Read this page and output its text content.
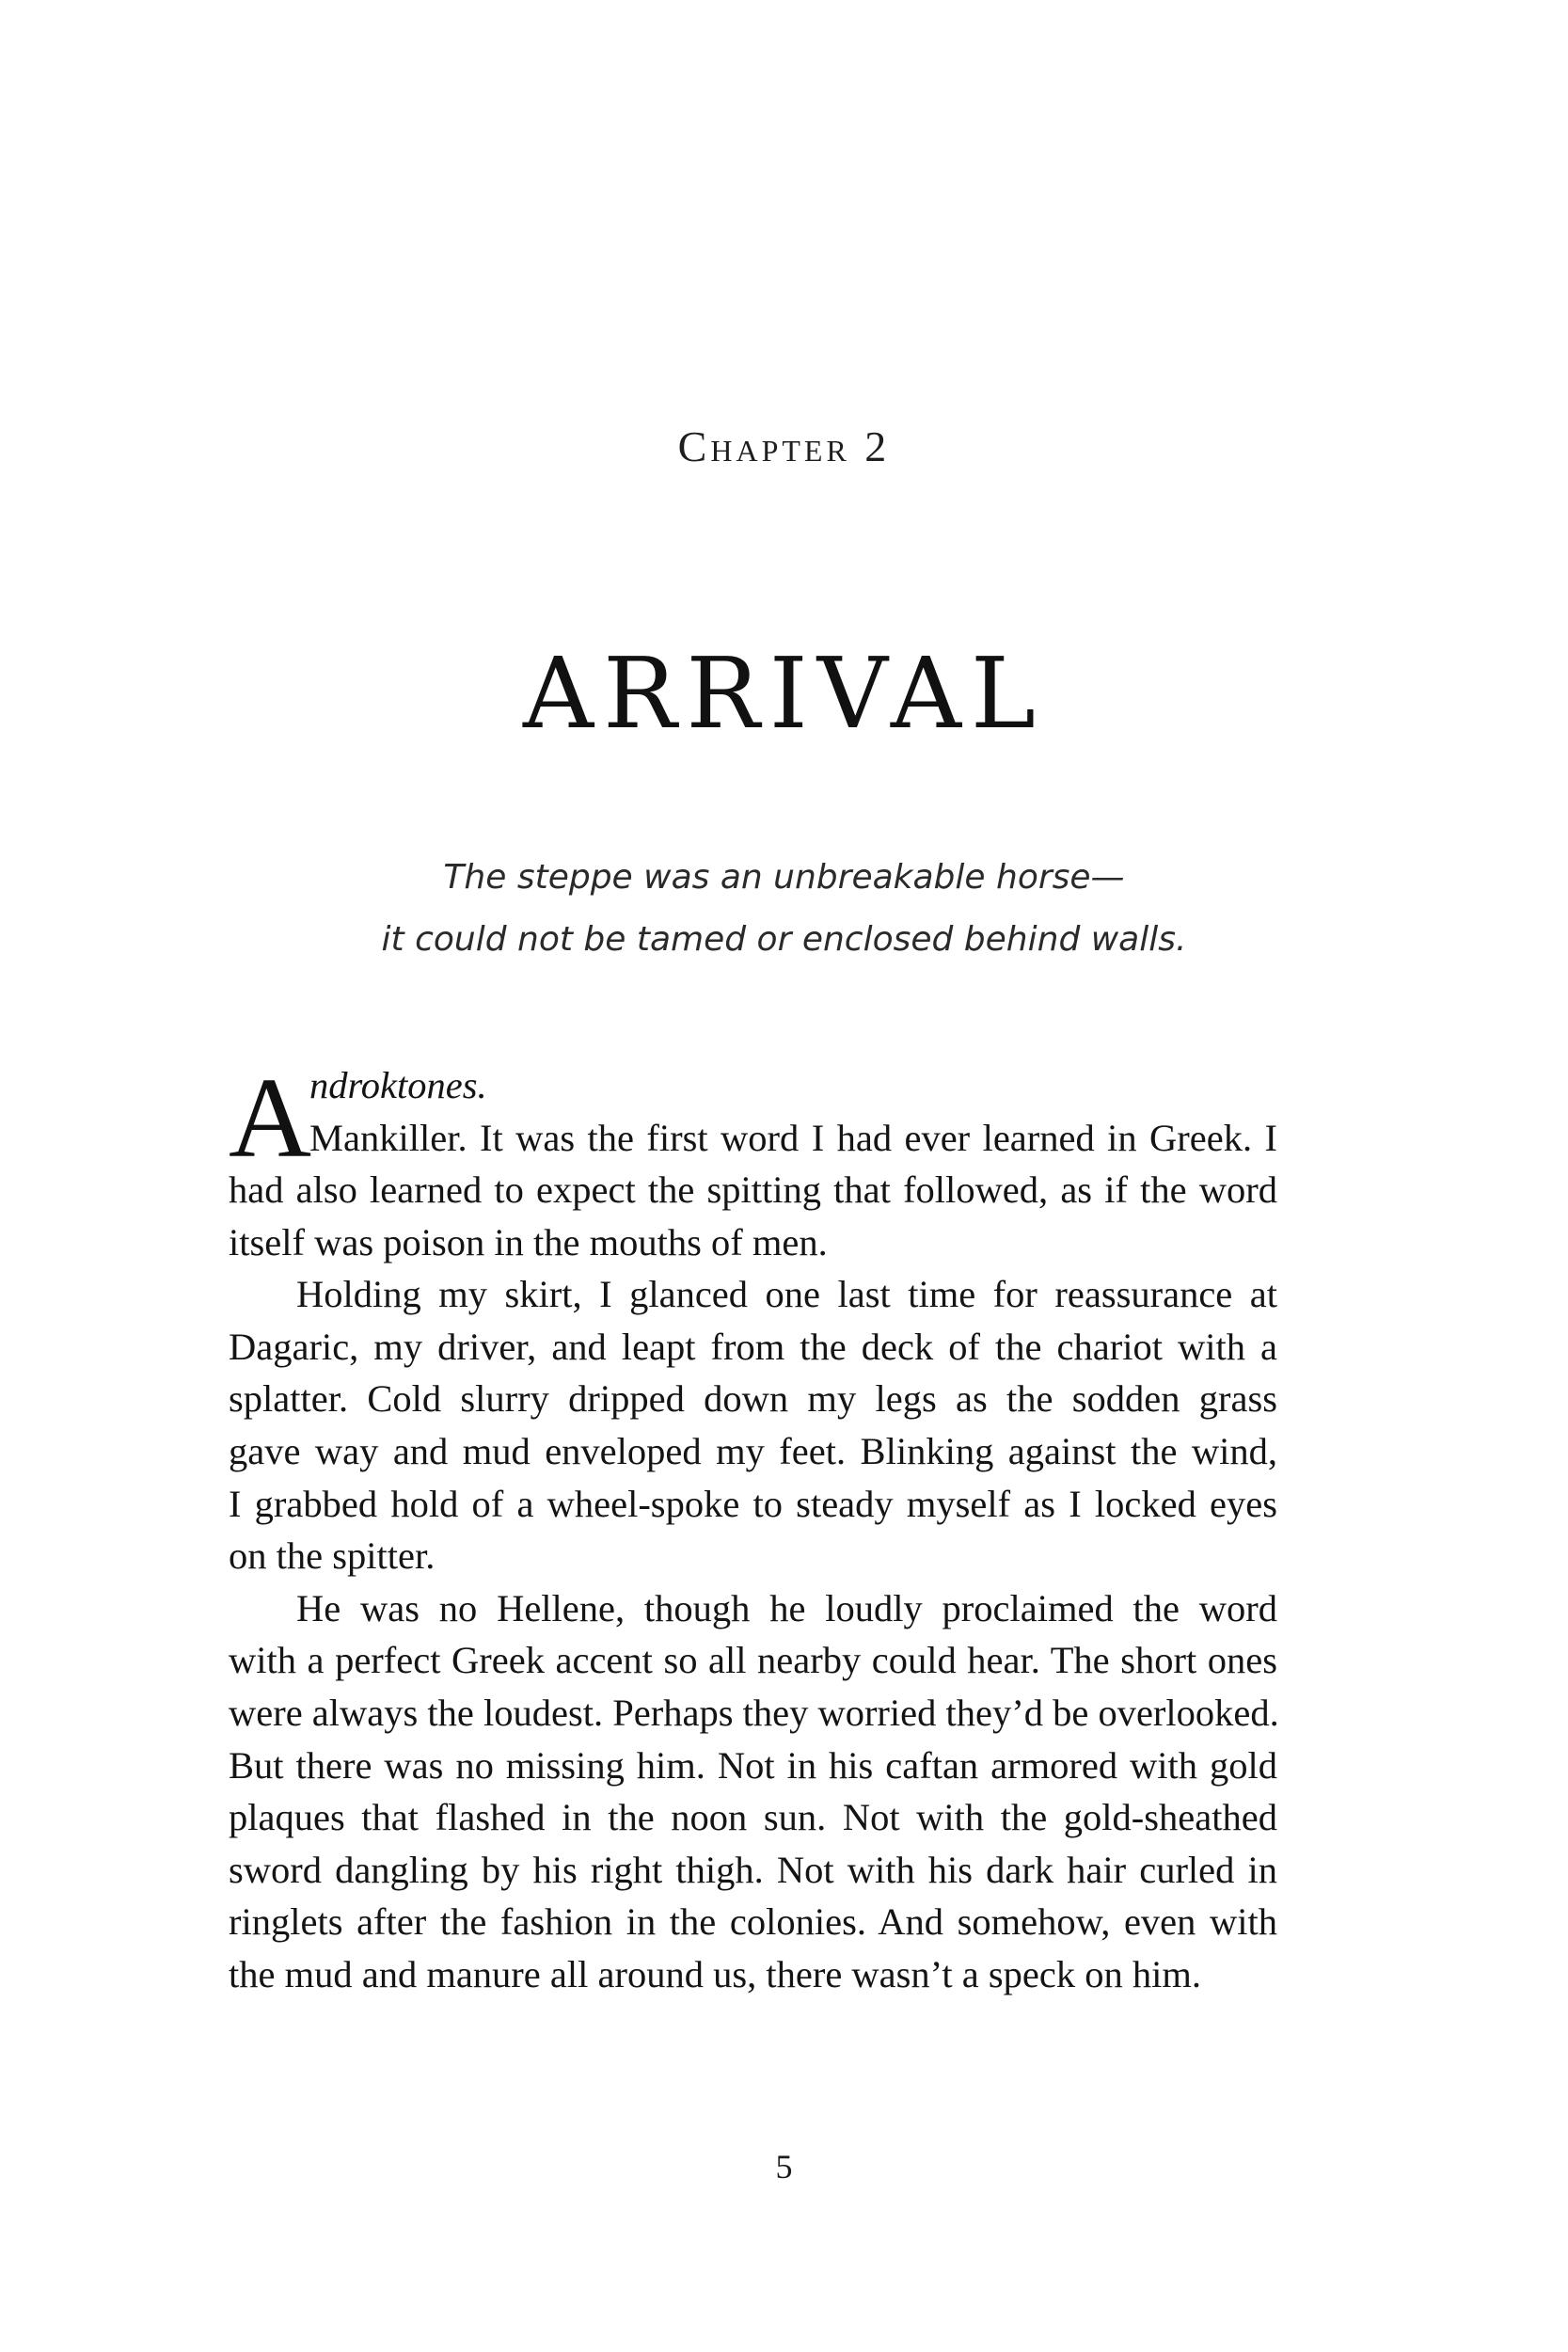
Chapter 2
ARRIVAL
The steppe was an unbreakable horse—
it could not be tamed or enclosed behind walls.
A
ndroktones.
Mankiller. It was the first word I had ever learned in Greek. I
had also learned to expect the spitting that followed, as if the word
itself was poison in the mouths of men.
Holding my skirt, I glanced one last time for reassurance at
Dagaric, my driver, and leapt from the deck of the chariot with a
splatter. Cold slurry dripped down my legs as the sodden grass
gave way and mud enveloped my feet. Blinking against the wind,
I grabbed hold of a wheel-spoke to steady myself as I locked eyes
on the spitter.
He was no Hellene, though he loudly proclaimed the word
with a perfect Greek accent so all nearby could hear. The short ones
were always the loudest. Perhaps they worried they’d be overlooked.
But there was no missing him. Not in his caftan armored with gold
plaques that flashed in the noon sun. Not with the gold-sheathed
sword dangling by his right thigh. Not with his dark hair curled in
ringlets after the fashion in the colonies. And somehow, even with
the mud and manure all around us, there wasn’t a speck on him.
5
